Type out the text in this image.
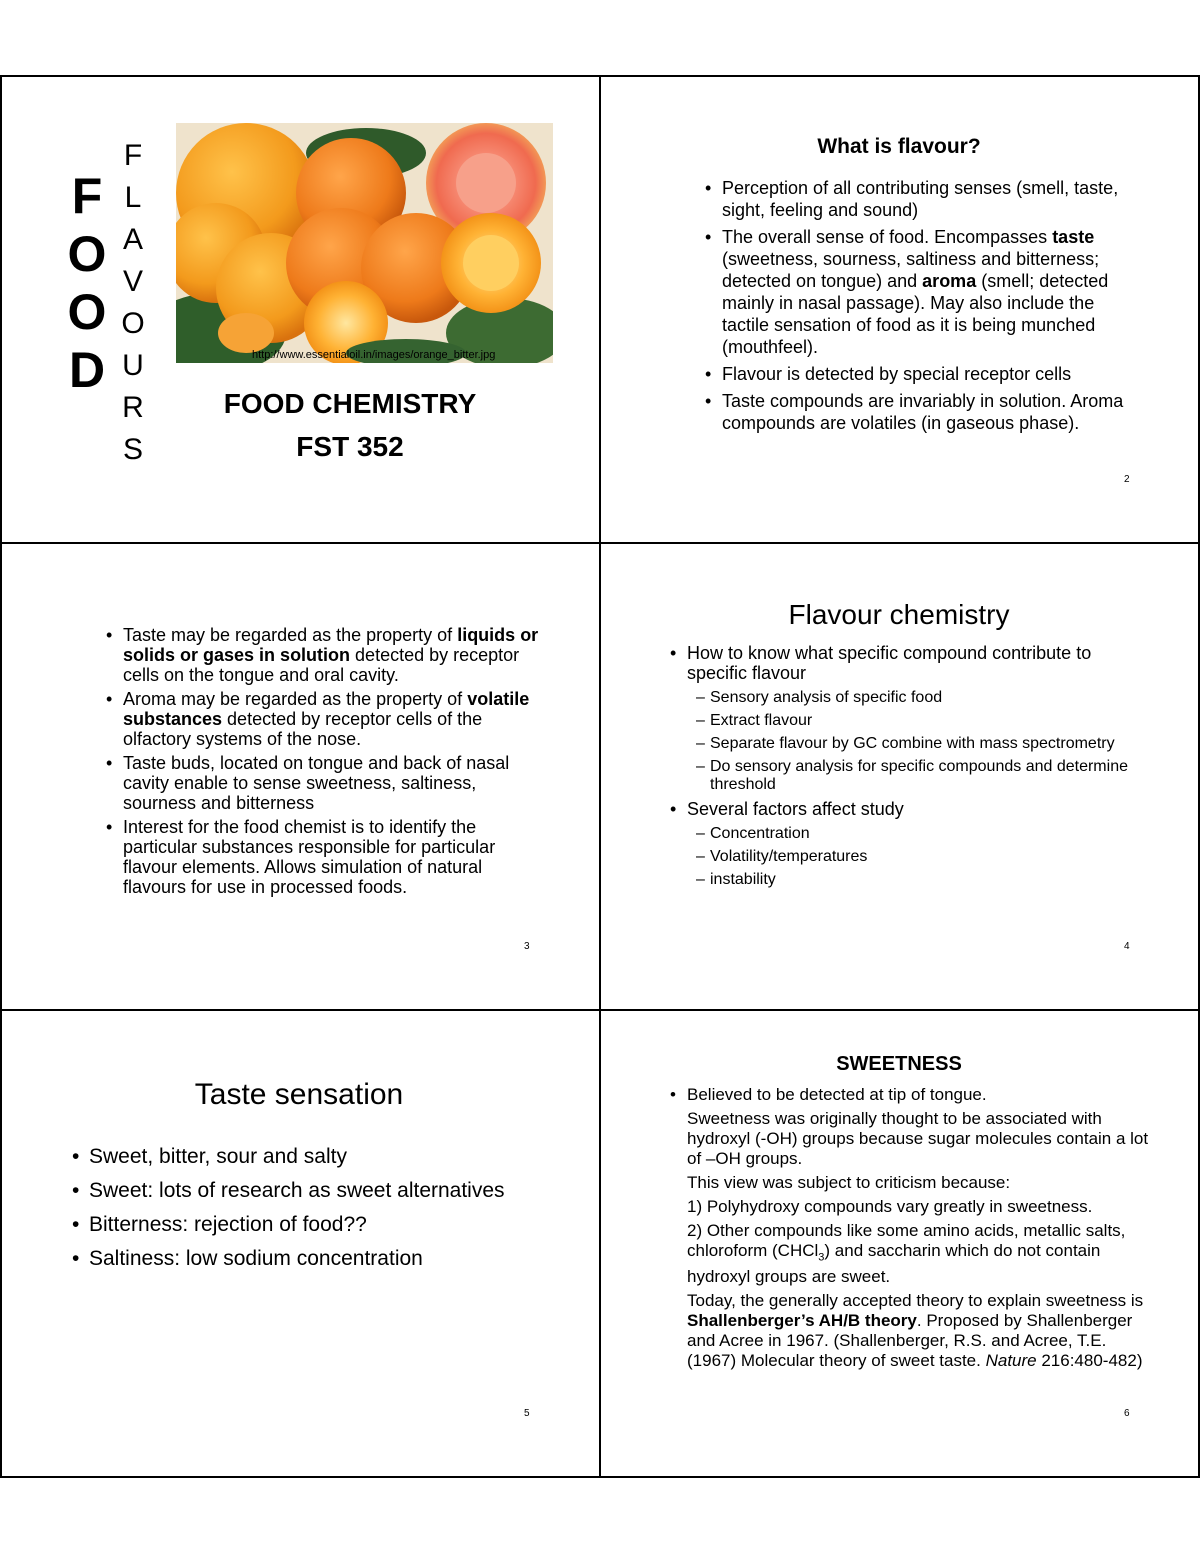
F
O
O
D
F
L
A
V
O
U
R
S
http://www.essentialoil.in/images/orange_bitter.jpg
FOOD CHEMISTRY
FST 352
What is flavour?
• Perception of all contributing senses (smell, taste, sight, feeling and sound)
• The overall sense of food. Encompasses taste (sweetness, sourness, saltiness and bitterness; detected on tongue) and aroma (smell; detected mainly in nasal passage). May also include the tactile sensation of food as it is being munched (mouthfeel).
• Flavour is detected by special receptor cells
• Taste compounds are invariably in solution. Aroma compounds are volatiles (in gaseous phase).
2
• Taste may be regarded as the property of liquids or solids or gases in solution detected by receptor cells on the tongue and oral cavity.
• Aroma may be regarded as the property of volatile substances detected by receptor cells of the olfactory systems of the nose.
• Taste buds, located on tongue and back of nasal cavity enable to sense sweetness, saltiness, sourness and bitterness
• Interest for the food chemist is to identify the particular substances responsible for particular flavour elements. Allows simulation of natural flavours for use in processed foods.
3
Flavour chemistry
• How to know what specific compound contribute to specific flavour
– Sensory analysis of specific food
– Extract flavour
– Separate flavour by GC combine with mass spectrometry
– Do sensory analysis for specific compounds and determine threshold
• Several factors affect study
– Concentration
– Volatility/temperatures
– instability
4
Taste sensation
• Sweet, bitter, sour and salty
• Sweet: lots of research as sweet alternatives
• Bitterness: rejection of food??
• Saltiness: low sodium concentration
5
SWEETNESS
• Believed to be detected at tip of tongue.

Sweetness was originally thought to be associated with hydroxyl (-OH) groups because sugar molecules contain a lot of –OH groups.

This view was subject to criticism because:

1) Polyhydroxy compounds vary greatly in sweetness.

2) Other compounds like some amino acids, metallic salts, chloroform (CHCl$_3$) and saccharin which do not contain hydroxyl groups are sweet.

Today, the generally accepted theory to explain sweetness is Shallenberger’s AH/B theory. Proposed by Shallenberger and Acree in 1967. (Shallenberger, R.S. and Acree, T.E. (1967) Molecular theory of sweet taste. Nature 216:480-482)

6
